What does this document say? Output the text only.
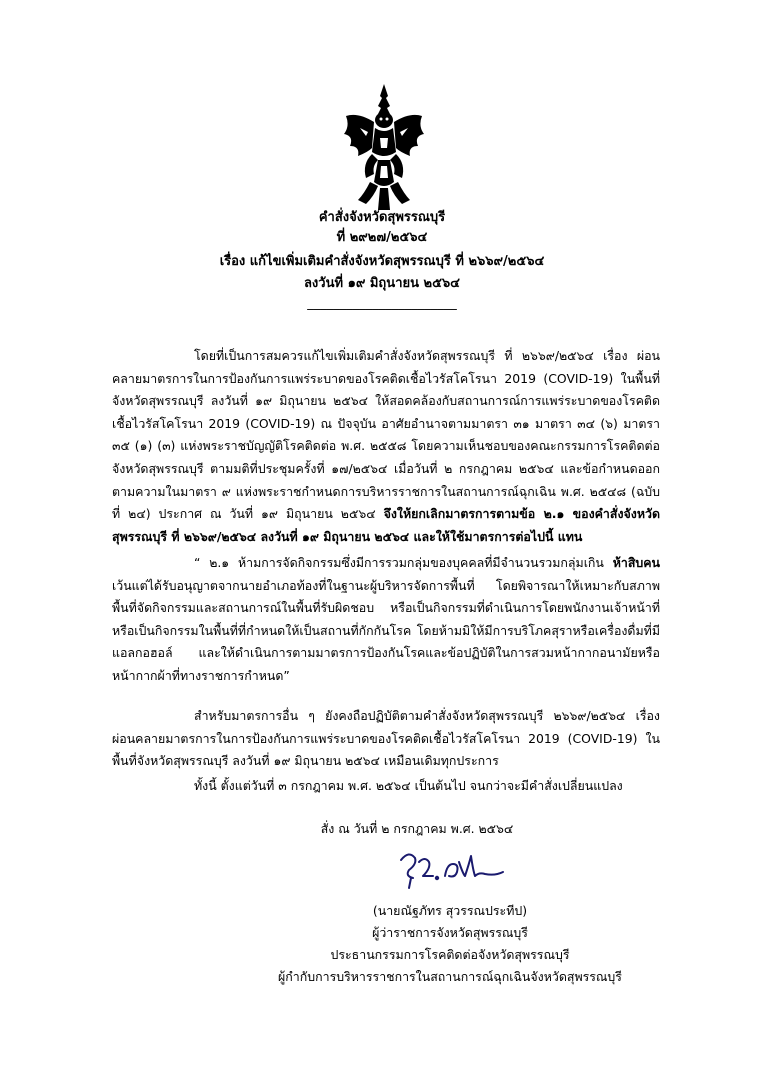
คำสั่งจังหวัดสุพรรณบุรี
ที่ ๒๙๒๗/๒๕๖๔
เรื่อง แก้ไขเพิ่มเติมคำสั่งจังหวัดสุพรรณบุรี ที่ ๒๖๖๙/๒๕๖๔
ลงวันที่ ๑๙ มิถุนายน ๒๕๖๔
_______________________
โดยที่เป็นการสมควรแก้ไขเพิ่มเติมคำสั่งจังหวัดสุพรรณบุรี ที่ ๒๖๖๙/๒๕๖๔ เรื่อง ผ่อนคลายมาตรการในการป้องกันการแพร่ระบาดของโรคติดเชื้อไวรัสโคโรนา 2019 (COVID-19) ในพื้นที่จังหวัดสุพรรณบุรี ลงวันที่ ๑๙ มิถุนายน ๒๕๖๔ ให้สอดคล้องกับสถานการณ์การแพร่ระบาดของโรคติดเชื้อไวรัสโคโรนา 2019 (COVID-19) ณ ปัจจุบัน อาศัยอำนาจตามมาตรา ๓๑ มาตรา ๓๔ (๖) มาตรา ๓๕ (๑) (๓) แห่งพระราชบัญญัติโรคติดต่อ พ.ศ. ๒๕๕๘ โดยความเห็นชอบของคณะกรรมการโรคติดต่อจังหวัดสุพรรณบุรี ตามมติที่ประชุมครั้งที่ ๑๗/๒๕๖๔ เมื่อวันที่ ๒ กรกฎาคม ๒๕๖๔ และข้อกำหนดออกตามความในมาตรา ๙ แห่งพระราชกำหนดการบริหารราชการในสถานการณ์ฉุกเฉิน พ.ศ. ๒๕๔๘ (ฉบับที่ ๒๔) ประกาศ ณ วันที่ ๑๙ มิถุนายน ๒๕๖๔ จึงให้ยกเลิกมาตรการตามข้อ ๒.๑ ของคำสั่งจังหวัดสุพรรณบุรี ที่ ๒๖๖๙/๒๕๖๔ ลงวันที่ ๑๙ มิถุนายน ๒๕๖๔ และให้ใช้มาตรการต่อไปนี้ แทน
“ ๒.๑ ห้ามการจัดกิจกรรมซึ่งมีการรวมกลุ่มของบุคคลที่มีจำนวนรวมกลุ่มเกิน ห้าสิบคน เว้นแต่ได้รับอนุญาตจากนายอำเภอท้องที่ในฐานะผู้บริหารจัดการพื้นที่ โดยพิจารณาให้เหมาะกับสภาพพื้นที่จัดกิจกรรมและสถานการณ์ในพื้นที่รับผิดชอบ หรือเป็นกิจกรรมที่ดำเนินการโดยพนักงานเจ้าหน้าที่ หรือเป็นกิจกรรมในพื้นที่ที่กำหนดให้เป็นสถานที่กักกันโรค โดยห้ามมิให้มีการบริโภคสุราหรือเครื่องดื่มที่มีแอลกอฮอล์ และให้ดำเนินการตามมาตรการป้องกันโรคและข้อปฏิบัติในการสวมหน้ากากอนามัยหรือหน้ากากผ้าที่ทางราชการกำหนด”
สำหรับมาตรการอื่น ๆ ยังคงถือปฏิบัติตามคำสั่งจังหวัดสุพรรณบุรี ๒๖๖๙/๒๕๖๔ เรื่อง ผ่อนคลายมาตรการในการป้องกันการแพร่ระบาดของโรคติดเชื้อไวรัสโคโรนา 2019 (COVID-19) ในพื้นที่จังหวัดสุพรรณบุรี ลงวันที่ ๑๙ มิถุนายน ๒๕๖๔ เหมือนเดิมทุกประการ
ทั้งนี้ ตั้งแต่วันที่ ๓ กรกฎาคม พ.ศ. ๒๕๖๔ เป็นต้นไป จนกว่าจะมีคำสั่งเปลี่ยนแปลง
สั่ง ณ วันที่ ๒ กรกฎาคม พ.ศ. ๒๕๖๔
(นายณัฐภัทร สุวรรณประทีป)
ผู้ว่าราชการจังหวัดสุพรรณบุรี
ประธานกรรมการโรคติดต่อจังหวัดสุพรรณบุรี
ผู้กำกับการบริหารราชการในสถานการณ์ฉุกเฉินจังหวัดสุพรรณบุรี
